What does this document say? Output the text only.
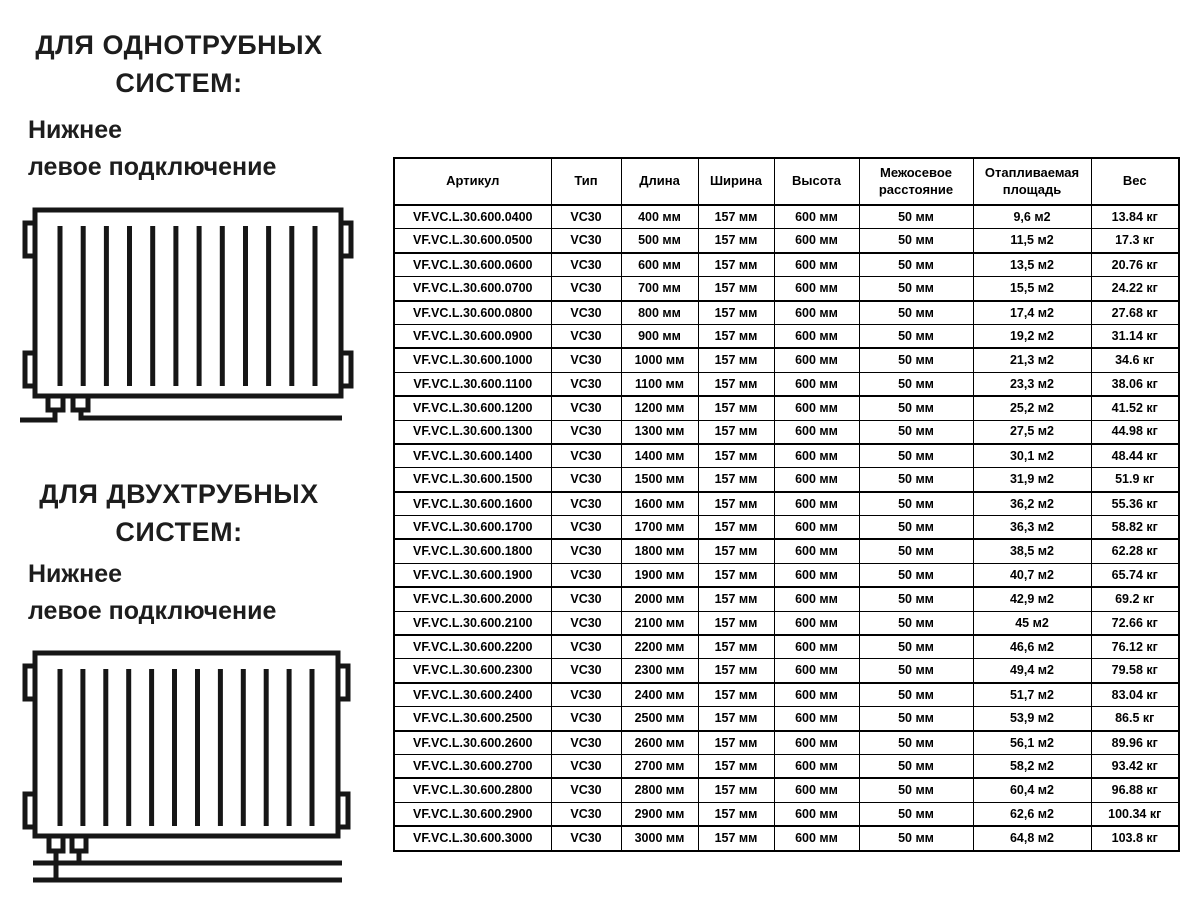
ДЛЯ ОДНОТРУБНЫХ
СИСТЕМ:

Нижнее
левое подключение

ДЛЯ ДВУХТРУБНЫХ
СИСТЕМ:

Нижнее
левое подключение

Артикул	Тип	Длина	Ширина	Высота	Межосевое расстояние	Отапливаемая площадь	Вес
VF.VC.L.30.600.0400	VC30	400 мм	157 мм	600 мм	50 мм	9,6 м2	13.84 кг
VF.VC.L.30.600.0500	VC30	500 мм	157 мм	600 мм	50 мм	11,5 м2	17.3 кг
VF.VC.L.30.600.0600	VC30	600 мм	157 мм	600 мм	50 мм	13,5 м2	20.76 кг
VF.VC.L.30.600.0700	VC30	700 мм	157 мм	600 мм	50 мм	15,5 м2	24.22 кг
VF.VC.L.30.600.0800	VC30	800 мм	157 мм	600 мм	50 мм	17,4 м2	27.68 кг
VF.VC.L.30.600.0900	VC30	900 мм	157 мм	600 мм	50 мм	19,2 м2	31.14 кг
VF.VC.L.30.600.1000	VC30	1000 мм	157 мм	600 мм	50 мм	21,3 м2	34.6 кг
VF.VC.L.30.600.1100	VC30	1100 мм	157 мм	600 мм	50 мм	23,3 м2	38.06 кг
VF.VC.L.30.600.1200	VC30	1200 мм	157 мм	600 мм	50 мм	25,2 м2	41.52 кг
VF.VC.L.30.600.1300	VC30	1300 мм	157 мм	600 мм	50 мм	27,5 м2	44.98 кг
VF.VC.L.30.600.1400	VC30	1400 мм	157 мм	600 мм	50 мм	30,1 м2	48.44 кг
VF.VC.L.30.600.1500	VC30	1500 мм	157 мм	600 мм	50 мм	31,9 м2	51.9 кг
VF.VC.L.30.600.1600	VC30	1600 мм	157 мм	600 мм	50 мм	36,2 м2	55.36 кг
VF.VC.L.30.600.1700	VC30	1700 мм	157 мм	600 мм	50 мм	36,3 м2	58.82 кг
VF.VC.L.30.600.1800	VC30	1800 мм	157 мм	600 мм	50 мм	38,5 м2	62.28 кг
VF.VC.L.30.600.1900	VC30	1900 мм	157 мм	600 мм	50 мм	40,7 м2	65.74 кг
VF.VC.L.30.600.2000	VC30	2000 мм	157 мм	600 мм	50 мм	42,9 м2	69.2 кг
VF.VC.L.30.600.2100	VC30	2100 мм	157 мм	600 мм	50 мм	45 м2	72.66 кг
VF.VC.L.30.600.2200	VC30	2200 мм	157 мм	600 мм	50 мм	46,6 м2	76.12 кг
VF.VC.L.30.600.2300	VC30	2300 мм	157 мм	600 мм	50 мм	49,4 м2	79.58 кг
VF.VC.L.30.600.2400	VC30	2400 мм	157 мм	600 мм	50 мм	51,7 м2	83.04 кг
VF.VC.L.30.600.2500	VC30	2500 мм	157 мм	600 мм	50 мм	53,9 м2	86.5 кг
VF.VC.L.30.600.2600	VC30	2600 мм	157 мм	600 мм	50 мм	56,1 м2	89.96 кг
VF.VC.L.30.600.2700	VC30	2700 мм	157 мм	600 мм	50 мм	58,2 м2	93.42 кг
VF.VC.L.30.600.2800	VC30	2800 мм	157 мм	600 мм	50 мм	60,4 м2	96.88 кг
VF.VC.L.30.600.2900	VC30	2900 мм	157 мм	600 мм	50 мм	62,6 м2	100.34 кг
VF.VC.L.30.600.3000	VC30	3000 мм	157 мм	600 мм	50 мм	64,8 м2	103.8 кг
